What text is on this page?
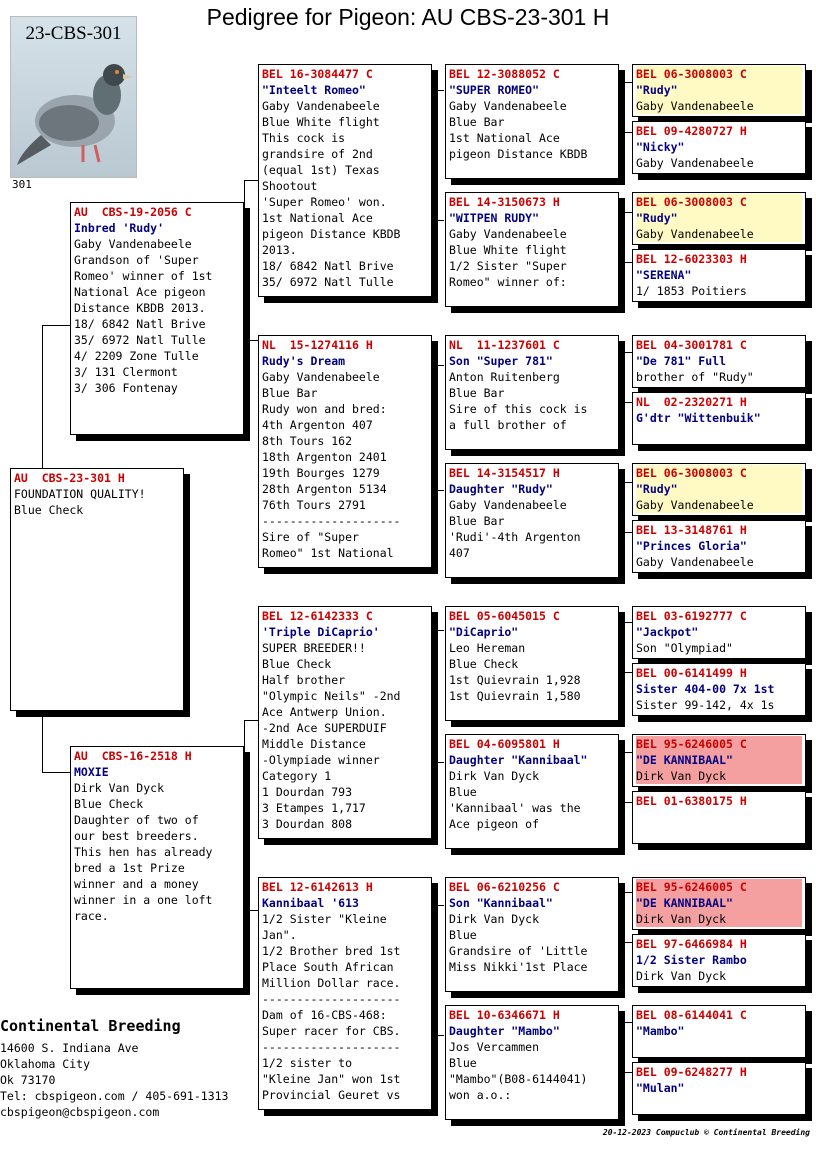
Pedigree for Pigeon: AU CBS-23-301 H
23-CBS-301
301
AU  CBS-23-301 H
FOUNDATION QUALITY!
Blue Check
AU  CBS-19-2056 C
Inbred 'Rudy'
Gaby Vandenabeele
Grandson of 'Super
Romeo' winner of 1st
National Ace pigeon
Distance KBDB 2013.
18/ 6842 Natl Brive
35/ 6972 Natl Tulle
4/ 2209 Zone Tulle
3/ 131 Clermont
3/ 306 Fontenay
AU  CBS-16-2518 H
MOXIE
Dirk Van Dyck
Blue Check
Daughter of two of
our best breeders.
This hen has already
bred a 1st Prize
winner and a money
winner in a one loft
race.
BEL 16-3084477 C
"Inteelt Romeo"
Gaby Vandenabeele
Blue White flight
This cock is
grandsire of 2nd
(equal 1st) Texas
Shootout
'Super Romeo' won.
1st National Ace
pigeon Distance KBDB
2013.
18/ 6842 Natl Brive
35/ 6972 Natl Tulle
NL  15-1274116 H
Rudy's Dream
Gaby Vandenabeele
Blue Bar
Rudy won and bred:
4th Argenton 407
8th Tours 162
18th Argenton 2401
19th Bourges 1279
28th Argenton 5134
76th Tours 2791
--------------------
Sire of "Super
Romeo" 1st National
BEL 12-6142333 C
'Triple DiCaprio'
SUPER BREEDER!!
Blue Check
Half brother
"Olympic Neils" -2nd
Ace Antwerp Union.
-2nd Ace SUPERDUIF
Middle Distance
-Olympiade winner
Category 1
1 Dourdan 793
3 Etampes 1,717
3 Dourdan 808
BEL 12-6142613 H
Kannibaal '613
1/2 Sister "Kleine
Jan".
1/2 Brother bred 1st
Place South African
Million Dollar race.
--------------------
Dam of 16-CBS-468:
Super racer for CBS.
--------------------
1/2 sister to
"Kleine Jan" won 1st
Provincial Geuret vs
BEL 12-3088052 C
"SUPER ROMEO"
Gaby Vandenabeele
Blue Bar
1st National Ace
pigeon Distance KBDB
BEL 14-3150673 H
"WITPEN RUDY"
Gaby Vandenabeele
Blue White flight
1/2 Sister "Super
Romeo" winner of:
NL  11-1237601 C
Son "Super 781"
Anton Ruitenberg
Blue Bar
Sire of this cock is
a full brother of
BEL 14-3154517 H
Daughter "Rudy"
Gaby Vandenabeele
Blue Bar
'Rudi'-4th Argenton
407
BEL 05-6045015 C
"DiCaprio"
Leo Hereman
Blue Check
1st Quievrain 1,928
1st Quievrain 1,580
BEL 04-6095801 H
Daughter "Kannibaal"
Dirk Van Dyck
Blue
'Kannibaal' was the
Ace pigeon of
BEL 06-6210256 C
Son "Kannibaal"
Dirk Van Dyck
Blue
Grandsire of 'Little
Miss Nikki'1st Place
BEL 10-6346671 H
Daughter "Mambo"
Jos Vercammen
Blue
"Mambo"(B08-6144041)
won a.o.:
BEL 06-3008003 C
"Rudy"
Gaby Vandenabeele
BEL 09-4280727 H
"Nicky"
Gaby Vandenabeele
BEL 06-3008003 C
"Rudy"
Gaby Vandenabeele
BEL 12-6023303 H
"SERENA"
1/ 1853 Poitiers
BEL 04-3001781 C
"De 781" Full
brother of "Rudy"
NL  02-2320271 H
G'dtr "Wittenbuik"
BEL 06-3008003 C
"Rudy"
Gaby Vandenabeele
BEL 13-3148761 H
"Princes Gloria"
Gaby Vandenabeele
BEL 03-6192777 C
"Jackpot"
Son "Olympiad"
BEL 00-6141499 H
Sister 404-00 7x 1st
Sister 99-142, 4x 1s
BEL 95-6246005 C
"DE KANNIBAAL"
Dirk Van Dyck
BEL 01-6380175 H
BEL 95-6246005 C
"DE KANNIBAAL"
Dirk Van Dyck
BEL 97-6466984 H
1/2 Sister Rambo
Dirk Van Dyck
BEL 08-6144041 C
"Mambo"
BEL 09-6248277 H
"Mulan"
Continental Breeding
14600 S. Indiana Ave
Oklahoma City
Ok 73170
Tel: cbspigeon.com / 405-691-1313
cbspigeon@cbspigeon.com
20-12-2023 Compuclub © Continental Breeding
